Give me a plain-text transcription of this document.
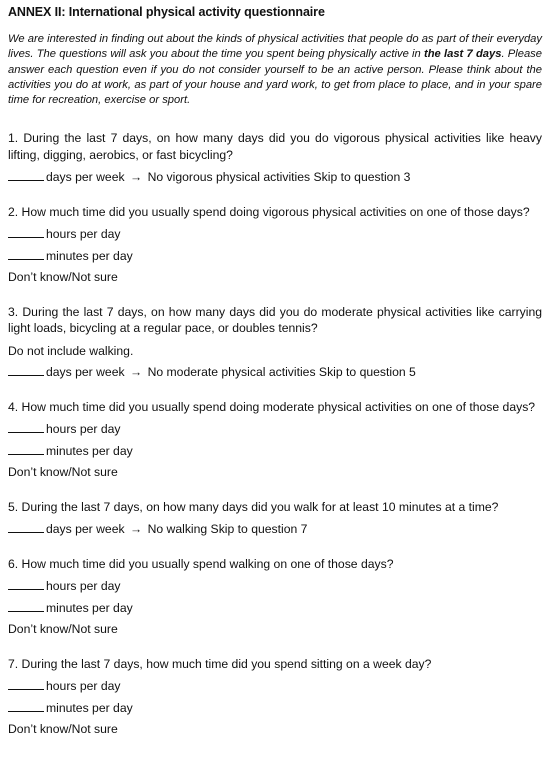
ANNEX II: International physical activity questionnaire

We are interested in finding out about the kinds of physical activities that people do as part of their everyday lives. The questions will ask you about the time you spent being physically active in the last 7 days. Please answer each question even if you do not consider yourself to be an active person. Please think about the activities you do at work, as part of your house and yard work, to get from place to place, and in your spare time for recreation, exercise or sport.

1. During the last 7 days, on how many days did you do vigorous physical activities like heavy lifting, digging, aerobics, or fast bicycling?
days per week → No vigorous physical activities Skip to question 3
2. How much time did you usually spend doing vigorous physical activities on one of those days?
hours per day
minutes per day
Don’t know/Not sure
3. During the last 7 days, on how many days did you do moderate physical activities like carrying light loads, bicycling at a regular pace, or doubles tennis?
Do not include walking.
days per week → No moderate physical activities Skip to question 5
4. How much time did you usually spend doing moderate physical activities on one of those days?
hours per day
minutes per day
Don’t know/Not sure
5. During the last 7 days, on how many days did you walk for at least 10 minutes at a time?
days per week → No walking Skip to question 7
6. How much time did you usually spend walking on one of those days?
hours per day
minutes per day
Don’t know/Not sure
7. During the last 7 days, how much time did you spend sitting on a week day?
hours per day
minutes per day
Don’t know/Not sure
